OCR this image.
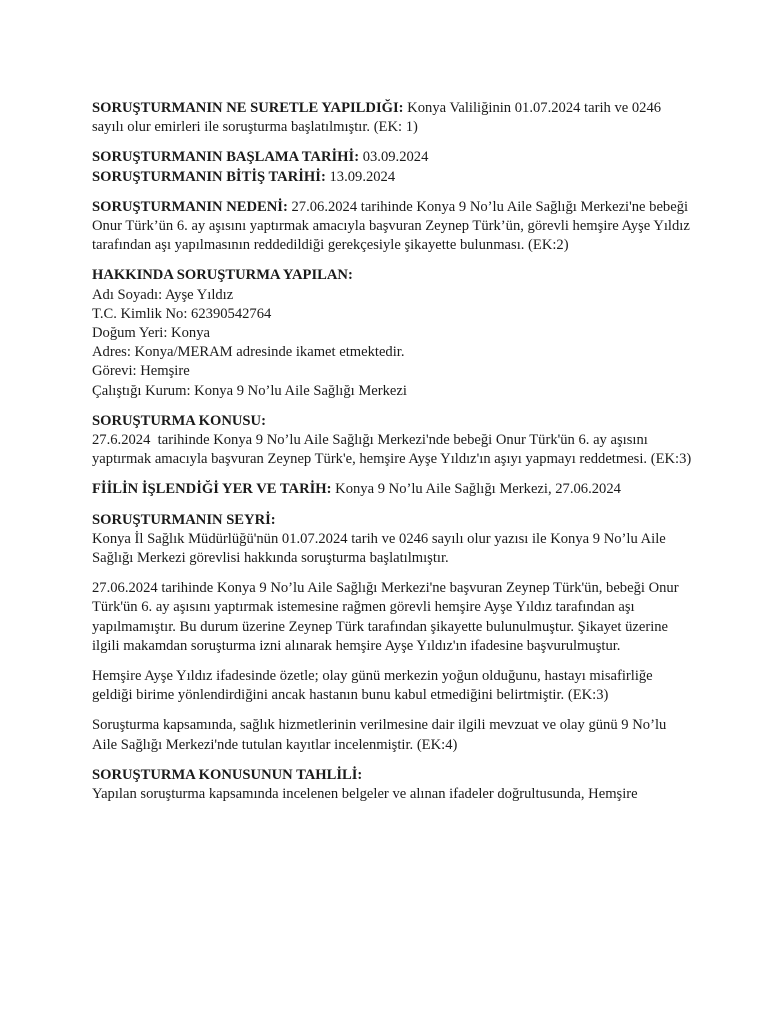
SORUŞTURMANIN NE SURETLE YAPILDIĞI: Konya Valiliğinin 01.07.2024 tarih ve 0246 sayılı olur emirleri ile soruşturma başlatılmıştır. (EK: 1)

SORUŞTURMANIN BAŞLAMA TARİHİ: 03.09.2024
SORUŞTURMANIN BİTİŞ TARİHİ: 13.09.2024

SORUŞTURMANIN NEDENİ: 27.06.2024 tarihinde Konya 9 No’lu Aile Sağlığı Merkezi'ne bebeği Onur Türk’ün 6. ay aşısını yaptırmak amacıyla başvuran Zeynep Türk’ün, görevli hemşire Ayşe Yıldız tarafından aşı yapılmasının reddedildiği gerekçesiyle şikayette bulunması. (EK:2)

HAKKINDA SORUŞTURMA YAPILAN:
Adı Soyadı: Ayşe Yıldız
T.C. Kimlik No: 62390542764
Doğum Yeri: Konya
Adres: Konya/MERAM adresinde ikamet etmektedir.
Görevi: Hemşire
Çalıştığı Kurum: Konya 9 No’lu Aile Sağlığı Merkezi
SORUŞTURMA KONUSU:
27.6.2024  tarihinde Konya 9 No’lu Aile Sağlığı Merkezi'nde bebeği Onur Türk'ün 6. ay aşısını yaptırmak amacıyla başvuran Zeynep Türk'e, hemşire Ayşe Yıldız'ın aşıyı yapmayı reddetmesi. (EK:3)

FİİLİN İŞLENDİĞİ YER VE TARİH: Konya 9 No’lu Aile Sağlığı Merkezi, 27.06.2024

SORUŞTURMANIN SEYRİ:
Konya İl Sağlık Müdürlüğü'nün 01.07.2024 tarih ve 0246 sayılı olur yazısı ile Konya 9 No’lu Aile Sağlığı Merkezi görevlisi hakkında soruşturma başlatılmıştır.

27.06.2024 tarihinde Konya 9 No’lu Aile Sağlığı Merkezi'ne başvuran Zeynep Türk'ün, bebeği Onur Türk'ün 6. ay aşısını yaptırmak istemesine rağmen görevli hemşire Ayşe Yıldız tarafından aşı yapılmamıştır. Bu durum üzerine Zeynep Türk tarafından şikayette bulunulmuştur. Şikayet üzerine ilgili makamdan soruşturma izni alınarak hemşire Ayşe Yıldız'ın ifadesine başvurulmuştur.

Hemşire Ayşe Yıldız ifadesinde özetle; olay günü merkezin yoğun olduğunu, hastayı misafirliğe geldiği birime yönlendirdiğini ancak hastanın bunu kabul etmediğini belirtmiştir. (EK:3)

Soruşturma kapsamında, sağlık hizmetlerinin verilmesine dair ilgili mevzuat ve olay günü 9 No’lu Aile Sağlığı Merkezi'nde tutulan kayıtlar incelenmiştir. (EK:4)

SORUŞTURMA KONUSUNUN TAHLİLİ:
Yapılan soruşturma kapsamında incelenen belgeler ve alınan ifadeler doğrultusunda, Hemşire
